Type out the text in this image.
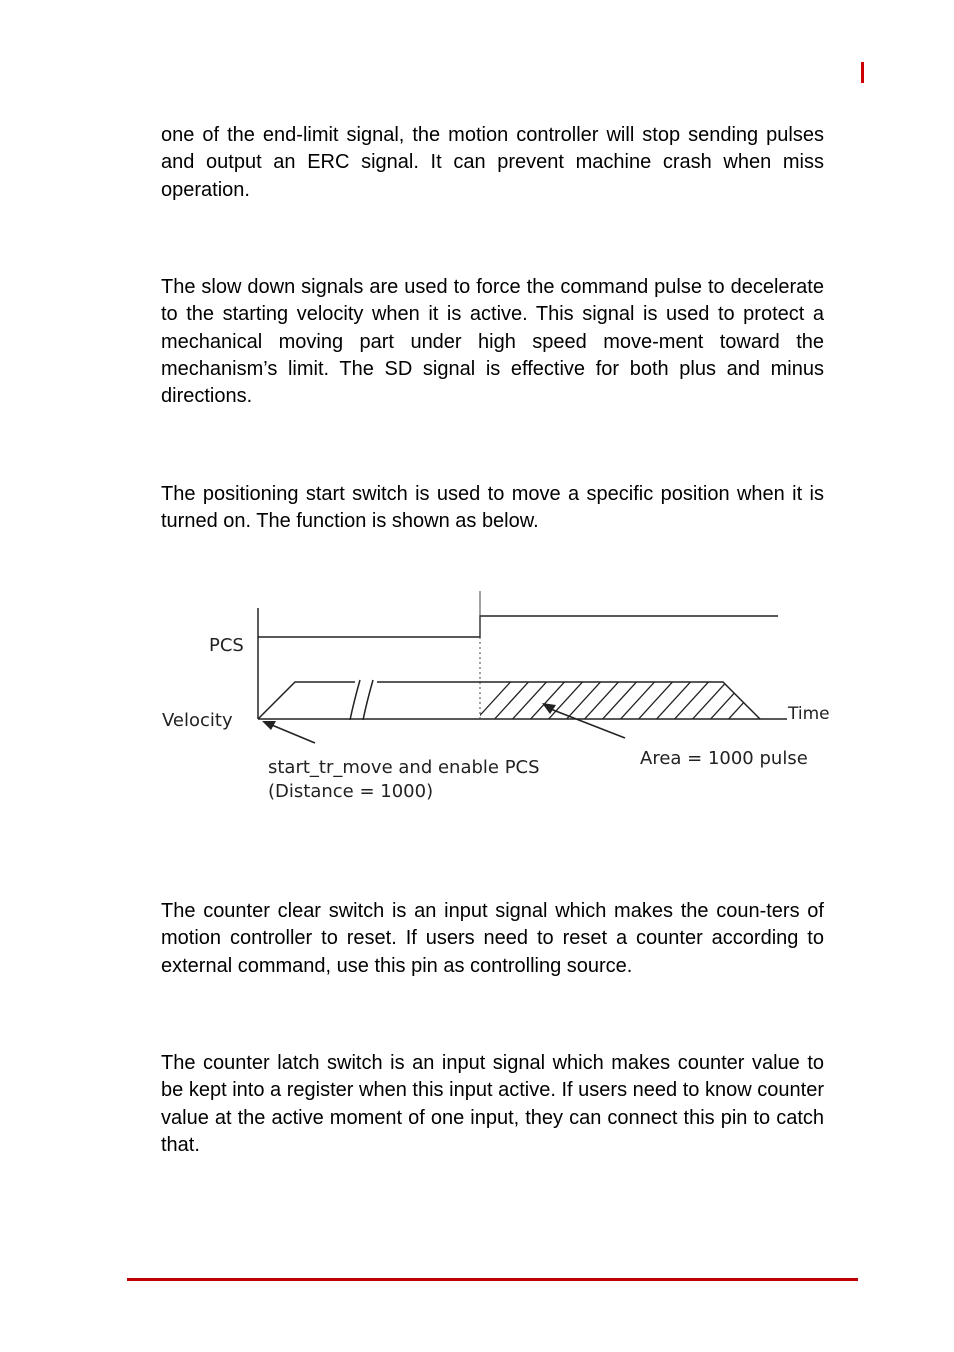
one of the end-limit signal, the motion controller will stop sending pulses and output an ERC signal. It can prevent machine crash when miss operation.

The slow down signals are used to force the command pulse to decelerate to the starting velocity when it is active. This signal is used to protect a mechanical moving part under high speed move-ment toward the mechanism’s limit. The SD signal is effective for both plus and minus directions.

The positioning start switch is used to move a specific position when it is turned on. The function is shown as below.

PCS
Velocity	Time
start_tr_move and enable PCS
(Distance = 1000)
Area = 1000 pulse

The counter clear switch is an input signal which makes the coun-ters of motion controller to reset. If users need to reset a counter according to external command, use this pin as controlling source.

The counter latch switch is an input signal which makes counter value to be kept into a register when this input active. If users need to know counter value at the active moment of one input, they can connect this pin to catch that.
